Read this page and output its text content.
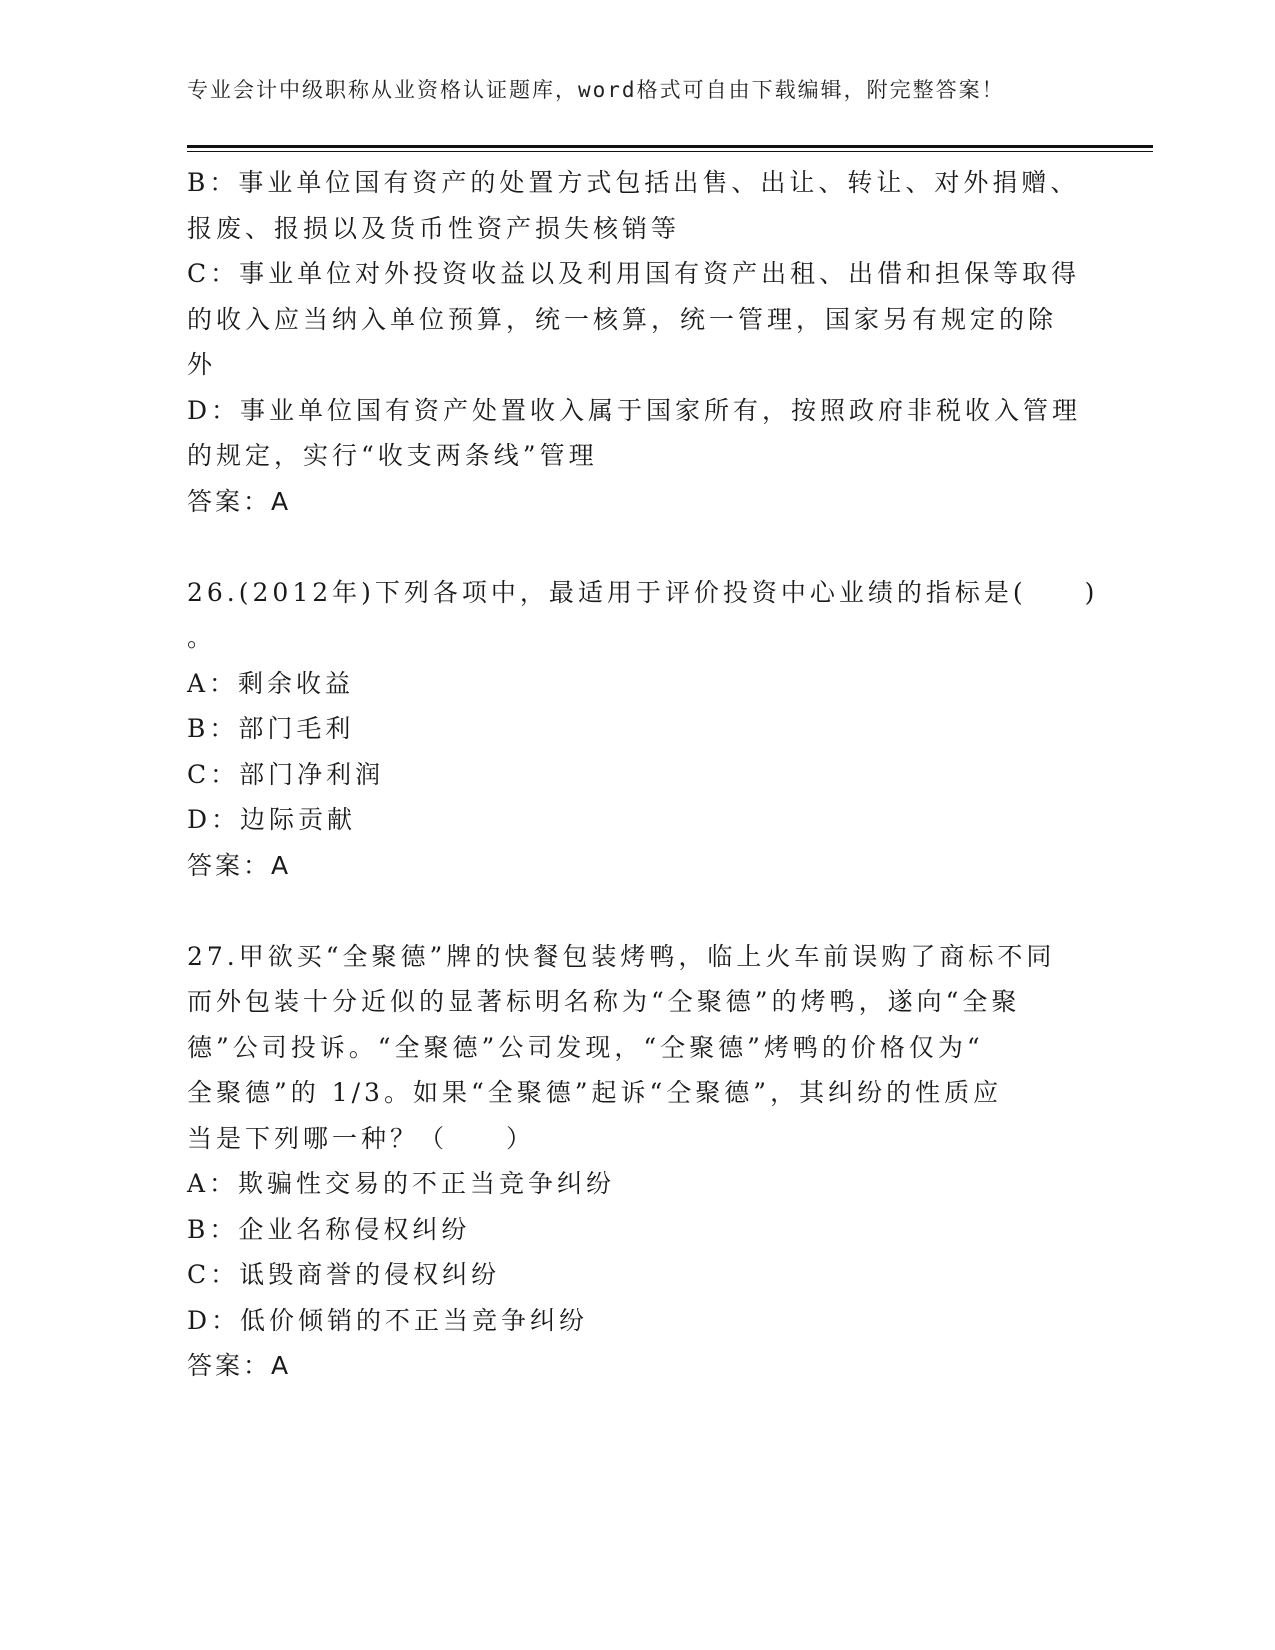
专业会计中级职称从业资格认证题库，word格式可自由下载编辑，附完整答案！

B：事业单位国有资产的处置方式包括出售、出让、转让、对外捐赠、

报废、报损以及货币性资产损失核销等

C：事业单位对外投资收益以及利用国有资产出租、出借和担保等取得

的收入应当纳入单位预算，统一核算，统一管理，国家另有规定的除

外

D：事业单位国有资产处置收入属于国家所有，按照政府非税收入管理

的规定，实行“收支两条线”管理

答案：A

26.(2012年)下列各项中，最适用于评价投资中心业绩的指标是(　　)

。

A：剩余收益

B：部门毛利

C：部门净利润

D：边际贡献

答案：A

27.甲欲买“全聚德”牌的快餐包装烤鸭，临上火车前误购了商标不同

而外包装十分近似的显著标明名称为“仝聚德”的烤鸭，遂向“全聚

德”公司投诉。“全聚德”公司发现，“仝聚德”烤鸭的价格仅为“

全聚德”的 1/3。如果“全聚德”起诉“仝聚德”，其纠纷的性质应

当是下列哪一种？（　　）

A：欺骗性交易的不正当竞争纠纷

B：企业名称侵权纠纷

C：诋毁商誉的侵权纠纷

D：低价倾销的不正当竞争纠纷

答案：A
